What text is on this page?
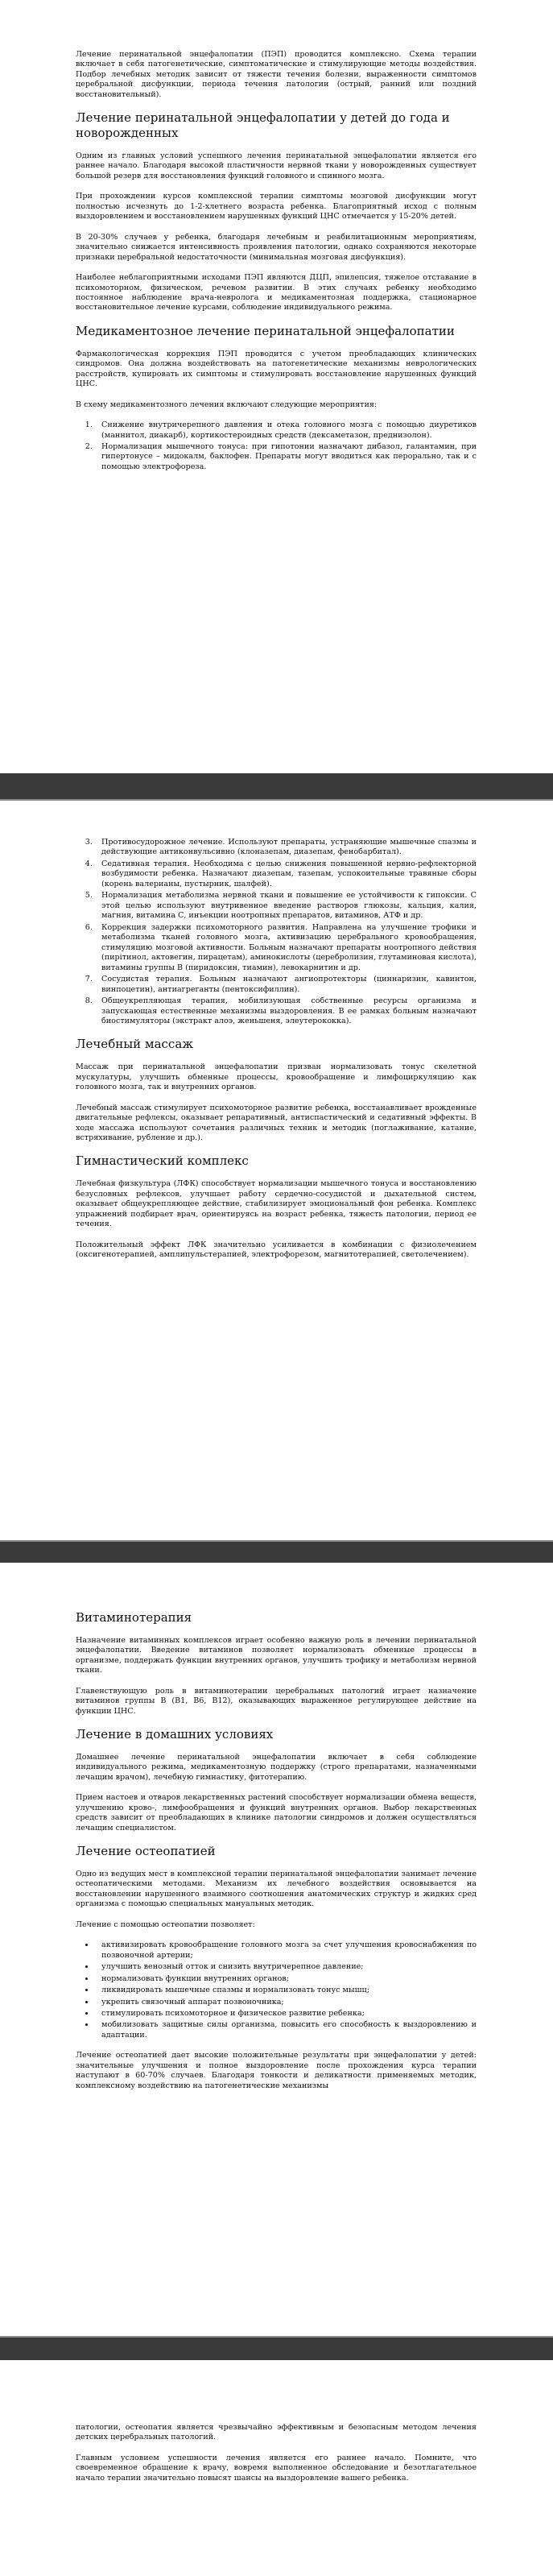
Лечение перинатальной энцефалопатии (ПЭП) проводится комплексно. Схема терапии включает в себя патогенетические, симптоматические и стимулирующие методы воздействия. Подбор лечебных методик зависит от тяжести течения болезни, выраженности симптомов церебральной дисфункции, периода течения патологии (острый, ранний или поздний восстановительный).

Лечение перинатальной энцефалопатии у детей до года и новорожденных

Одним из главных условий успешного лечения перинатальной энцефалопатии является его раннее начало. Благодаря высокой пластичности нервной ткани у новорожденных существует большой резерв для восстановления функций головного и спинного мозга.

При прохождении курсов комплексной терапии симптомы мозговой дисфункции могут полностью исчезнуть до 1-2-хлетнего возраста ребенка. Благоприятный исход с полным выздоровлением и восстановлением нарушенных функций ЦНС отмечается у 15-20% детей.

В 20-30% случаев у ребенка, благодаря лечебным и реабилитационным мероприятиям, значительно снижается интенсивность проявления патологии, однако сохраняются некоторые признаки церебральной недостаточности (минимальная мозговая дисфункция).

Наиболее неблагоприятными исходами ПЭП являются ДЦП, эпилепсия, тяжелое отставание в психомоторном, физическом, речевом развитии. В этих случаях ребенку необходимо постоянное наблюдение врача-невролога и медикаментозная поддержка, стационарное восстановительное лечение курсами, соблюдение индивидуального режима.

Медикаментозное лечение перинатальной энцефалопатии

Фармакологическая коррекция ПЭП проводится с учетом преобладающих клинических синдромов. Она должна воздействовать на патогенетические механизмы неврологических расстройств, купировать их симптомы и стимулировать восстановление нарушенных функций ЦНС.

В схему медикаментозного лечения включают следующие мероприятия:

1. Снижение внутричерепного давления и отека головного мозга с помощью диуретиков (маннитол, диакарб), кортикостероидных средств (дексаметазон, преднизолон).
2. Нормализация мышечного тонуса: при гипотонии назначают дибазол, галантамин, при гипертонусе – мидокалм, баклофен. Препараты могут вводиться как перорально, так и с помощью электрофореза.
3. Противосудорожное лечение. Используют препараты, устраняющие мышечные спазмы и действующие антиконвульсивно (клоназепам, диазепам, фенобарбитал).
4. Седативная терапия. Необходима с целью снижения повышенной нервно-рефлекторной возбудимости ребенка. Назначают диазепам, тазепам, успокоительные травяные сборы (корень валерианы, пустырник, шалфей).
5. Нормализация метаболизма нервной ткани и повышение ее устойчивости к гипоксии. С этой целью используют внутривенное введение растворов глюкозы, кальция, калия, магния, витамина С, инъекции ноотропных препаратов, витаминов, АТФ и др.
6. Коррекция задержки психомоторного развития. Направлена на улучшение трофики и метаболизма тканей головного мозга, активизацию церебрального кровообращения, стимуляцию мозговой активности. Больным назначают препараты ноотропного действия (пирітинол, актовегин, пирацетам), аминокислоты (церебролизин, глутаминовая кислота), витамины группы В (пиридоксин, тиамин), левокарнитин и др.
7. Сосудистая терапия. Больным назначают ангиопротекторы (циннаризин, кавинтон, винпоцетин), антиагреганты (пентоксифиллин).
8. Общеукрепляющая терапия, мобилизующая собственные ресурсы организма и запускающая естественные механизмы выздоровления. В ее рамках больным назначают биостимуляторы (экстракт алоэ, женьшеня, элеутерококка).
Лечебный массаж

Массаж при перинатальной энцефалопатии призван нормализовать тонус скелетной мускулатуры, улучшить обменные процессы, кровообращение и лимфоциркуляцию как головного мозга, так и внутренних органов.

Лечебный массаж стимулирует психомоторное развитие ребенка, восстанавливает врожденные двигательные рефлексы, оказывает репаративный, антиспастический и седативный эффекты. В ходе массажа используют сочетания различных техник и методик (поглаживание, катание, встряхивание, рубление и др.).

Гимнастический комплекс

Лечебная физкультура (ЛФК) способствует нормализации мышечного тонуса и восстановлению безусловных рефлексов, улучшает работу сердечно-сосудистой и дыхательной систем, оказывает общеукрепляющее действие, стабилизирует эмоциональный фон ребенка. Комплекс упражнений подбирает врач, ориентируясь на возраст ребенка, тяжесть патологии, период ее течения.

Положительный эффект ЛФК значительно усиливается в комбинации с физиолечением (оксигенотерапией, амплипульстерапией, электрофорезом, магнитотерапией, светолечением).

Витаминотерапия

Назначение витаминных комплексов играет особенно важную роль в лечении перинатальной энцефалопатии. Введение витаминов позволяет нормализовать обменные процессы в организме, поддержать функции внутренних органов, улучшить трофику и метаболизм нервной ткани.

Главенствующую роль в витаминотерапии церебральных патологий играет назначение витаминов группы В (В1, В6, В12), оказывающих выраженное регулирующее действие на функции ЦНС.

Лечение в домашних условиях

Домашнее лечение перинатальной энцефалопатии включает в себя соблюдение индивидуального режима, медикаментозную поддержку (строго препаратами, назначенными лечащим врачом), лечебную гимнастику, фитотерапию.

Прием настоев и отваров лекарственных растений способствует нормализации обмена веществ, улучшению крово-, лимфообращения и функций внутренних органов. Выбор лекарственных средств зависит от преобладающих в клинике патологии синдромов и должен осуществляться лечащим специалистом.

Лечение остеопатией

Одно из ведущих мест в комплексной терапии перинатальной энцефалопатии занимает лечение остеопатическими методами. Механизм их лечебного воздействия основывается на восстановлении нарушенного взаимного соотношения анатомических структур и жидких сред организма с помощью специальных мануальных методик.

Лечение с помощью остеопатии позволяет:

• активизировать кровообращение головного мозга за счет улучшения кровоснабжения по позвоночной артерии;
• улучшить венозный отток и снизить внутричерепное давление;
• нормализовать функции внутренних органов;
• ликвидировать мышечные спазмы и нормализовать тонус мышц;
• укрепить связочный аппарат позвоночника;
• стимулировать психомоторное и физическое развитие ребенка;
• мобилизовать защитные силы организма, повысить его способность к выздоровлению и адаптации.

Лечение остеопатией дает высокие положительные результаты при энцефалопатии у детей: значительные улучшения и полное выздоровление после прохождения курса терапии наступают в 60-70% случаев. Благодаря тонкости и деликатности применяемых методик, комплексному воздействию на патогенетические механизмы

патологии, остеопатия является чрезвычайно эффективным и безопасным методом лечения детских церебральных патологий.

Главным условием успешности лечения является его раннее начало. Помните, что своевременное обращение к врачу, вовремя выполненное обследование и безотлагательное начало терапии значительно повысят шансы на выздоровление вашего ребенка.
